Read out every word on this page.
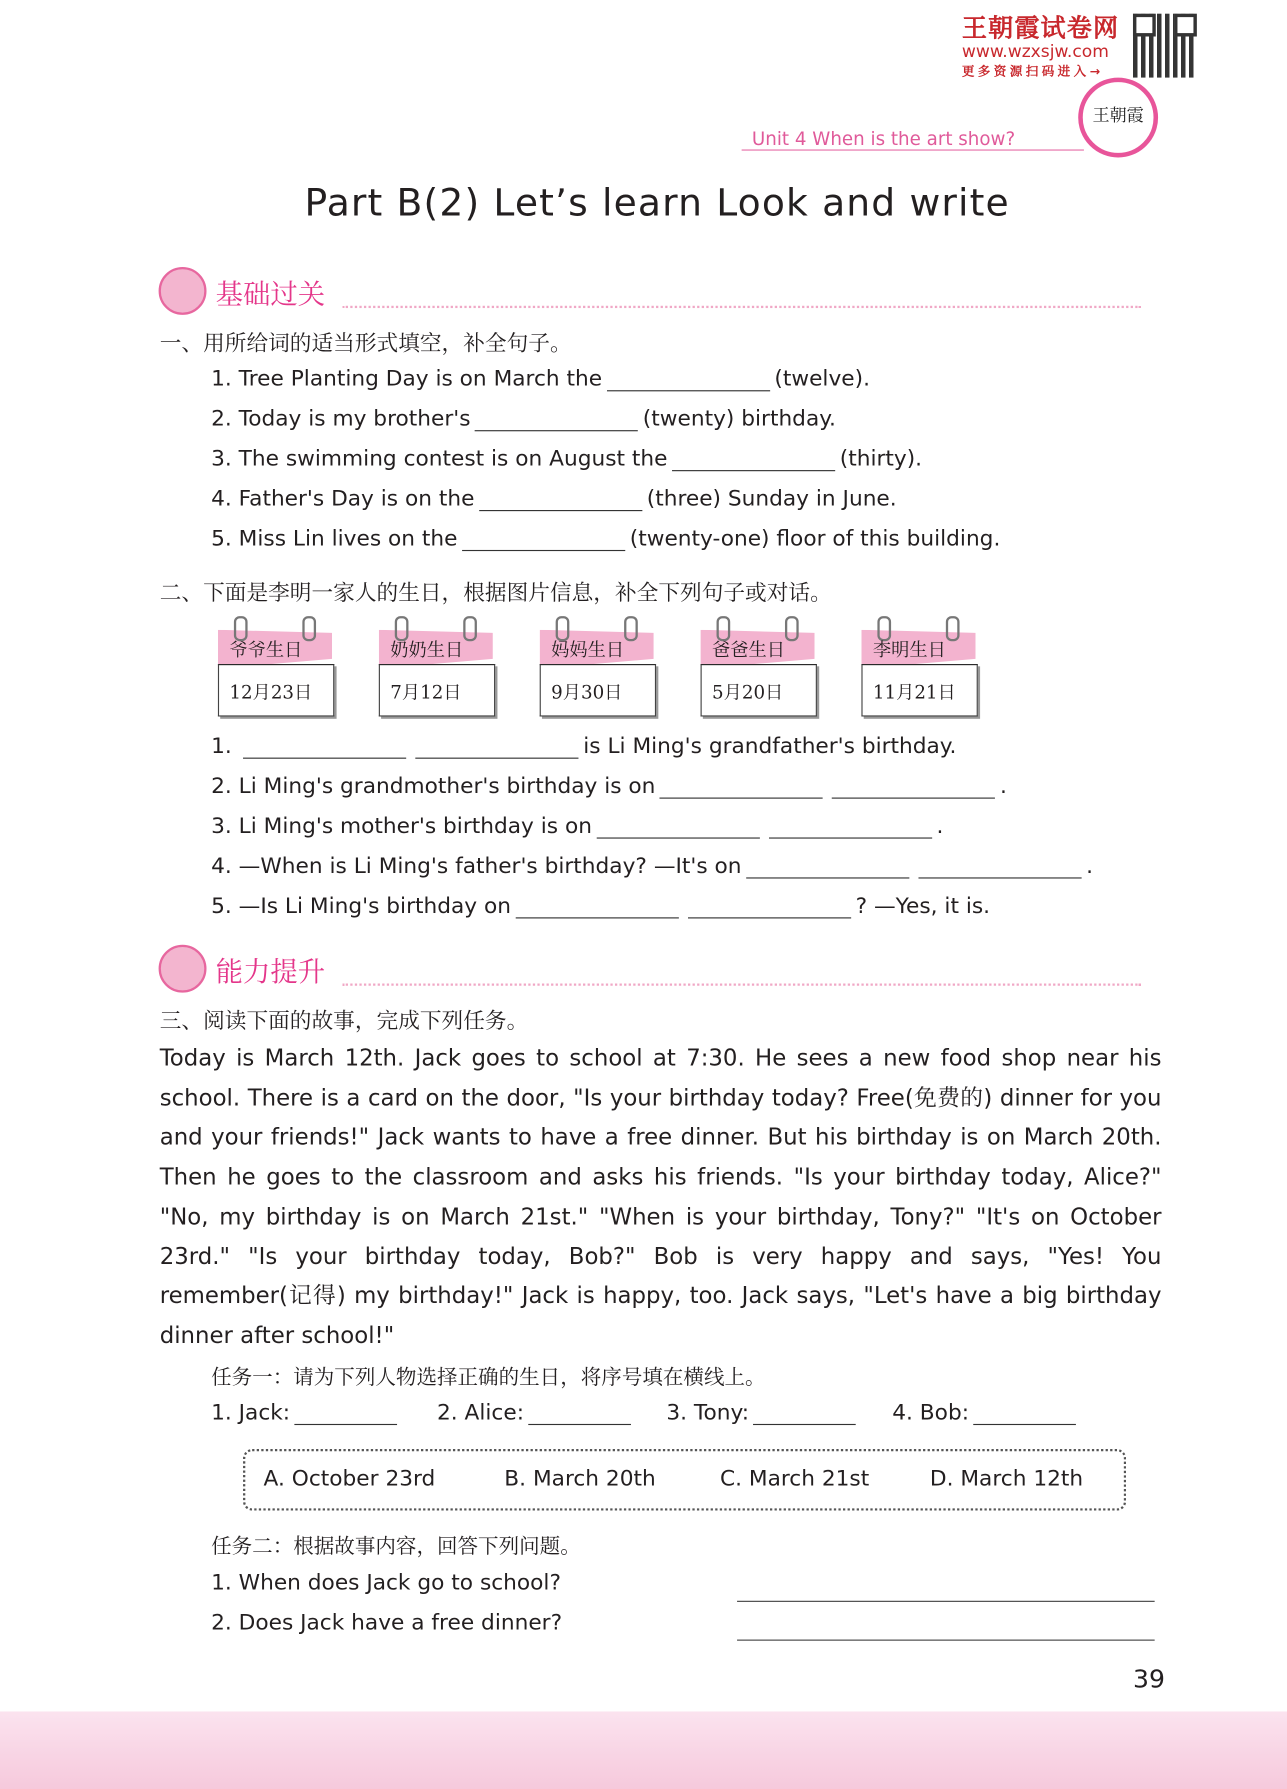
王朝霞试卷网
www.wzxsjw.com
更多资源扫码进入→
王朝霞
Unit 4 When is the art show?
Part B(2) Let’s learn Look and write
基础过关
一、用所给词的适当形式填空，补全句子。
1. Tree Planting Day is on March the	(twelve).
2. Today is my brother's	(twenty) birthday.
3. The swimming contest is on August the	(thirty).
4. Father's Day is on the	(three) Sunday in June.
5. Miss Lin lives on the	(twenty-one) floor of this building.
二、下面是李明一家人的生日，根据图片信息，补全下列句子或对话。
爷爷生日
12月23日
奶奶生日
7月12日
妈妈生日
9月30日
爸爸生日
5月20日
李明生日
11月21日
1.	is Li Ming's grandfather's birthday.
2. Li Ming's grandmother's birthday is on	.
3. Li Ming's mother's birthday is on	.
4. —When is Li Ming's father's birthday? —It's on	.
5. —Is Li Ming's birthday on	? —Yes, it is.
能力提升
三、阅读下面的故事，完成下列任务。
Today is March 12th. Jack goes to school at 7:30. He sees a new food shop near his school. There is a card on the door, "Is your birthday today? Free(免费的) dinner for you and your friends!" Jack wants to have a free dinner. But his birthday is on March 20th. Then he goes to the classroom and asks his friends. "Is your birthday today, Alice?" "No, my birthday is on March 21st." "When is your birthday, Tony?" "It's on October 23rd." "Is your birthday today, Bob?" Bob is very happy and says, "Yes! You remember(记得) my birthday!" Jack is happy, too. Jack says, "Let's have a big birthday dinner after school!"
任务一：请为下列人物选择正确的生日，将序号填在横线上。
1. Jack:	2. Alice:	3. Tony:	4. Bob:
A. October 23rd	B. March 20th	C. March 21st	D. March 12th
任务二：根据故事内容，回答下列问题。
1. When does Jack go to school?
2. Does Jack have a free dinner?
39
